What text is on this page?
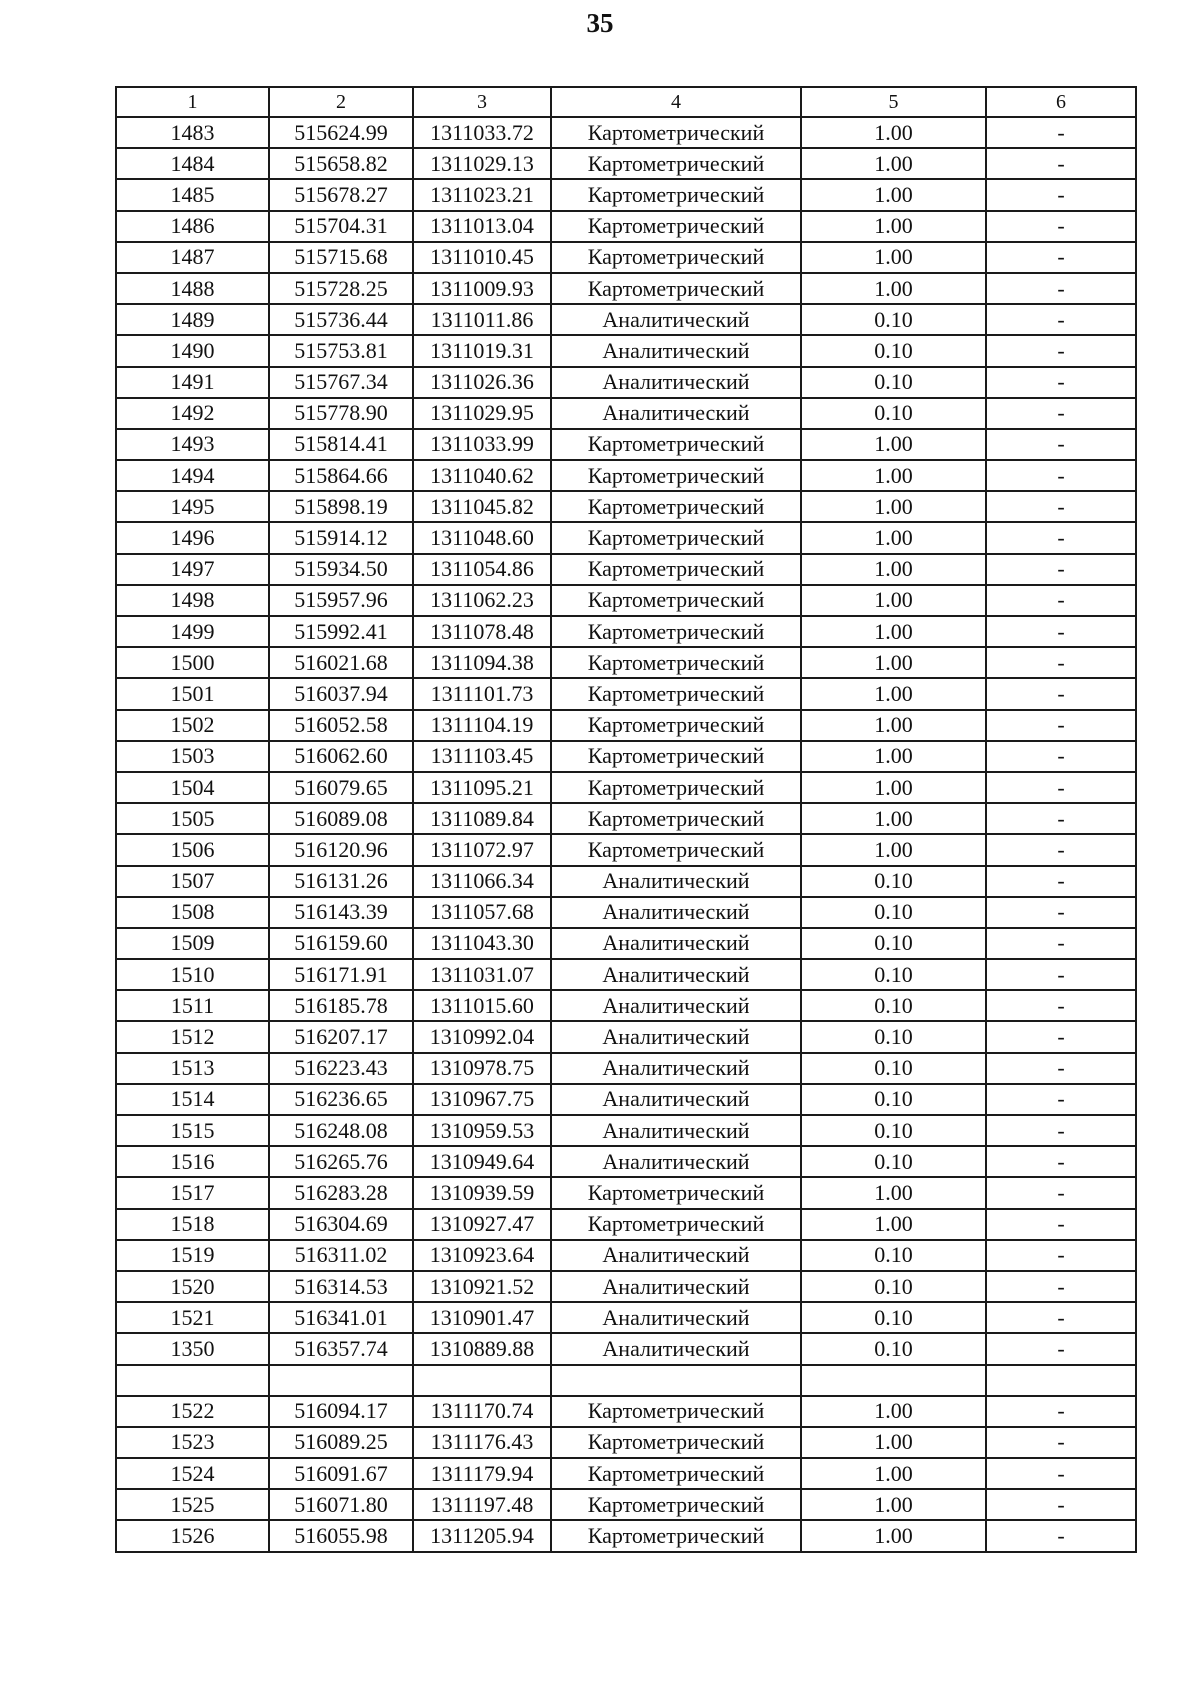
35
1	2	3	4	5	6
1483	515624.99	1311033.72	Картометрический	1.00	-
1484	515658.82	1311029.13	Картометрический	1.00	-
1485	515678.27	1311023.21	Картометрический	1.00	-
1486	515704.31	1311013.04	Картометрический	1.00	-
1487	515715.68	1311010.45	Картометрический	1.00	-
1488	515728.25	1311009.93	Картометрический	1.00	-
1489	515736.44	1311011.86	Аналитический	0.10	-
1490	515753.81	1311019.31	Аналитический	0.10	-
1491	515767.34	1311026.36	Аналитический	0.10	-
1492	515778.90	1311029.95	Аналитический	0.10	-
1493	515814.41	1311033.99	Картометрический	1.00	-
1494	515864.66	1311040.62	Картометрический	1.00	-
1495	515898.19	1311045.82	Картометрический	1.00	-
1496	515914.12	1311048.60	Картометрический	1.00	-
1497	515934.50	1311054.86	Картометрический	1.00	-
1498	515957.96	1311062.23	Картометрический	1.00	-
1499	515992.41	1311078.48	Картометрический	1.00	-
1500	516021.68	1311094.38	Картометрический	1.00	-
1501	516037.94	1311101.73	Картометрический	1.00	-
1502	516052.58	1311104.19	Картометрический	1.00	-
1503	516062.60	1311103.45	Картометрический	1.00	-
1504	516079.65	1311095.21	Картометрический	1.00	-
1505	516089.08	1311089.84	Картометрический	1.00	-
1506	516120.96	1311072.97	Картометрический	1.00	-
1507	516131.26	1311066.34	Аналитический	0.10	-
1508	516143.39	1311057.68	Аналитический	0.10	-
1509	516159.60	1311043.30	Аналитический	0.10	-
1510	516171.91	1311031.07	Аналитический	0.10	-
1511	516185.78	1311015.60	Аналитический	0.10	-
1512	516207.17	1310992.04	Аналитический	0.10	-
1513	516223.43	1310978.75	Аналитический	0.10	-
1514	516236.65	1310967.75	Аналитический	0.10	-
1515	516248.08	1310959.53	Аналитический	0.10	-
1516	516265.76	1310949.64	Аналитический	0.10	-
1517	516283.28	1310939.59	Картометрический	1.00	-
1518	516304.69	1310927.47	Картометрический	1.00	-
1519	516311.02	1310923.64	Аналитический	0.10	-
1520	516314.53	1310921.52	Аналитический	0.10	-
1521	516341.01	1310901.47	Аналитический	0.10	-
1350	516357.74	1310889.88	Аналитический	0.10	-

1522	516094.17	1311170.74	Картометрический	1.00	-
1523	516089.25	1311176.43	Картометрический	1.00	-
1524	516091.67	1311179.94	Картометрический	1.00	-
1525	516071.80	1311197.48	Картометрический	1.00	-
1526	516055.98	1311205.94	Картометрический	1.00	-
